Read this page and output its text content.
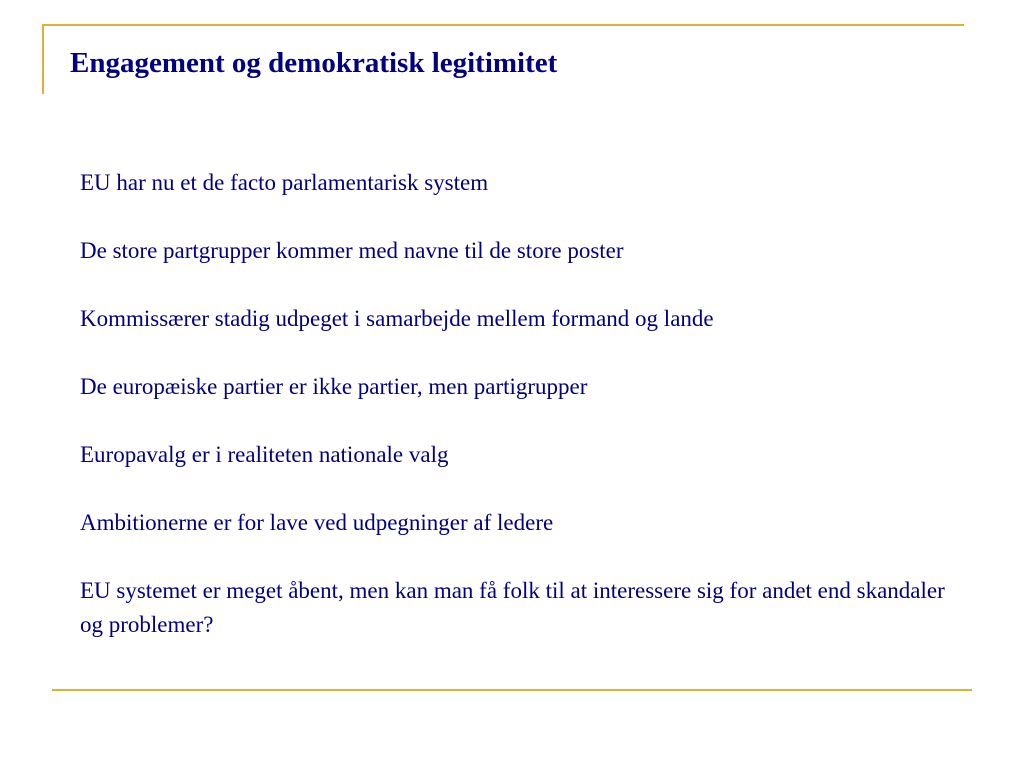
Engagement og demokratisk legitimitet
EU har nu et de facto parlamentarisk system
De store partgrupper kommer med navne til de store poster
Kommissærer stadig udpeget i samarbejde mellem formand og lande
De europæiske partier er ikke partier, men partigrupper
Europavalg er i realiteten nationale valg
Ambitionerne er for lave ved udpegninger af ledere
EU systemet er meget åbent, men kan man få folk til at interessere sig for andet end skandaler og problemer?
